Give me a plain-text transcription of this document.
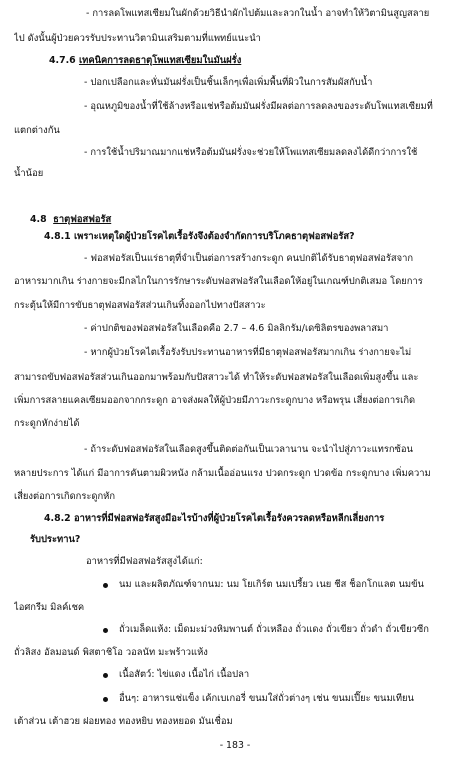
- การลดโพแทสเซียมในผักด้วยวิธีนำผักไปต้มและลวกในน้ำ อาจทำให้วิตามินสูญสลาย
ไป ดังนั้นผู้ป่วยควรรับประทานวิตามินเสริมตามที่แพทย์แนะนำ
4.7.6 เทคนิคการลดธาตุโพแทสเซียมในมันฝรั่ง
- ปอกเปลือกและหั่นมันฝรั่งเป็นชิ้นเล็กๆเพื่อเพิ่มพื้นที่ผิวในการสัมผัสกับน้ำ
- อุณหภูมิของน้ำที่ใช้ล้างหรือแช่หรือต้มมันฝรั่งมีผลต่อการลดลงของระดับโพแทสเซียมที่
แตกต่างกัน
- การใช้น้ำปริมาณมากแช่หรือต้มมันฝรั่งจะช่วยให้โพแทสเซียมลดลงได้ดีกว่าการใช้
น้ำน้อย
4.8 ธาตุฟอสฟอรัส
4.8.1 เพราะเหตุใดผู้ป่วยโรคไตเรื้อรังจึงต้องจำกัดการบริโภคธาตุฟอสฟอรัส?
- ฟอสฟอรัสเป็นแร่ธาตุที่จำเป็นต่อการสร้างกระดูก คนปกติได้รับธาตุฟอสฟอรัสจาก
อาหารมากเกิน ร่างกายจะมีกลไกในการรักษาระดับฟอสฟอรัสในเลือดให้อยู่ในเกณฑ์ปกติเสมอ โดยการ
กระตุ้นให้มีการขับธาตุฟอสฟอรัสส่วนเกินทิ้งออกไปทางปัสสาวะ
- ค่าปกติของฟอสฟอรัสในเลือดคือ 2.7 – 4.6 มิลลิกรัม/เดซิลิตรของพลาสมา
- หากผู้ป่วยโรคไตเรื้อรังรับประทานอาหารที่มีธาตุฟอสฟอรัสมากเกิน ร่างกายจะไม่
สามารถขับฟอสฟอรัสส่วนเกินออกมาพร้อมกับปัสสาวะได้ ทำให้ระดับฟอสฟอรัสในเลือดเพิ่มสูงขึ้น และ
เพิ่มการสลายแคลเซียมออกจากกระดูก อาจส่งผลให้ผู้ป่วยมีภาวะกระดูกบาง หรือพรุน เสี่ยงต่อการเกิด
กระดูกหักง่ายได้
- ถ้าระดับฟอสฟอรัสในเลือดสูงขึ้นติดต่อกันเป็นเวลานาน จะนำไปสู่ภาวะแทรกซ้อน
หลายประการ ได้แก่ มีอาการคันตามผิวหนัง กล้ามเนื้ออ่อนแรง ปวดกระดูก ปวดข้อ กระดูกบาง เพิ่มความ
เสี่ยงต่อการเกิดกระดูกหัก
4.8.2 อาหารที่มีฟอสฟอรัสสูงมีอะไรบ้างที่ผู้ป่วยโรคไตเรื้อรังควรลดหรือหลีกเลี่ยงการ
รับประทาน?
อาหารที่มีฟอสฟอรัสสูงได้แก่:
นม และผลิตภัณฑ์จากนม: นม โยเกิร์ต นมเปรี้ยว เนย ชีส ช็อกโกแลต นมข้น
ไอศกรีม มิลค์เชค
ถั่วเมล็ดแห้ง: เม็ดมะม่วงหิมพานต์ ถั่วเหลือง ถั่วแดง ถั่วเขียว ถั่วดำ ถั่วเขียวซีก
ถั่วลิสง อัลมอนด์ พิสตาชิโอ วอลนัท มะพร้าวแห้ง
เนื้อสัตว์: ไข่แดง เนื้อไก่ เนื้อปลา
อื่นๆ: อาหารแช่แข็ง เค้กเบเกอรี่ ขนมใส่ถั่วต่างๆ เช่น ขนมเปี๊ยะ ขนมเทียน
เต้าส่วน เต้าฮวย ฝอยทอง ทองหยิบ ทองหยอด มันเชื่อม
- 183 -
